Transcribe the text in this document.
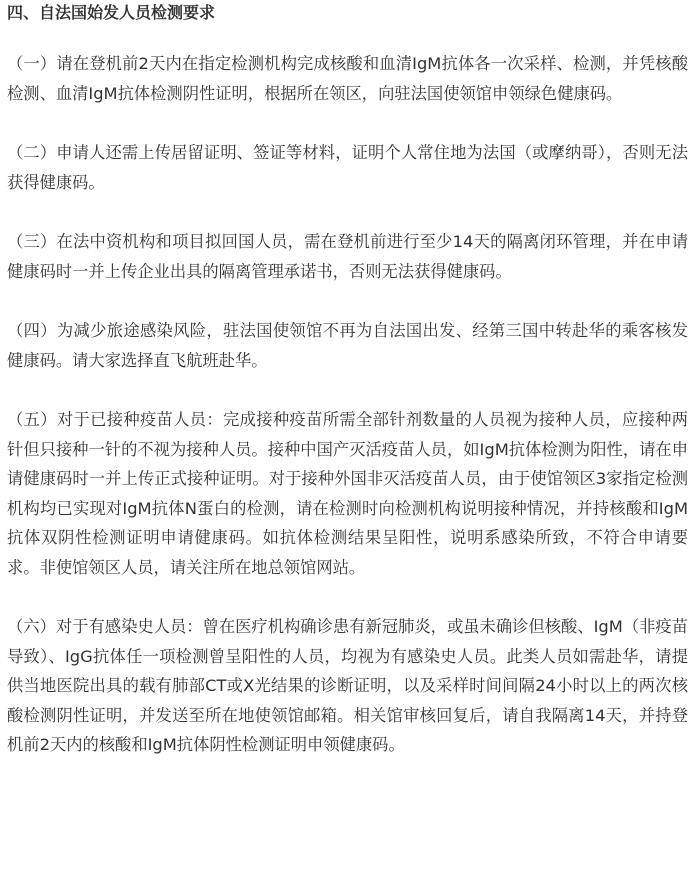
四、自法国始发人员检测要求

（一）请在登机前2天内在指定检测机构完成核酸和血清IgM抗体各一次采样、检测，并凭核酸检测、血清IgM抗体检测阴性证明，根据所在领区，向驻法国使领馆申领绿色健康码。

（二）申请人还需上传居留证明、签证等材料，证明个人常住地为法国（或摩纳哥），否则无法获得健康码。

（三）在法中资机构和项目拟回国人员，需在登机前进行至少14天的隔离闭环管理，并在申请健康码时一并上传企业出具的隔离管理承诺书，否则无法获得健康码。

（四）为减少旅途感染风险，驻法国使领馆不再为自法国出发、经第三国中转赴华的乘客核发健康码。请大家选择直飞航班赴华。

（五）对于已接种疫苗人员：完成接种疫苗所需全部针剂数量的人员视为接种人员，应接种两针但只接种一针的不视为接种人员。接种中国产灭活疫苗人员，如IgM抗体检测为阳性，请在申请健康码时一并上传正式接种证明。对于接种外国非灭活疫苗人员，由于使馆领区3家指定检测机构均已实现对IgM抗体N蛋白的检测，请在检测时向检测机构说明接种情况，并持核酸和IgM抗体双阴性检测证明申请健康码。如抗体检测结果呈阳性，说明系感染所致，不符合申请要求。非使馆领区人员，请关注所在地总领馆网站。

（六）对于有感染史人员：曾在医疗机构确诊患有新冠肺炎，或虽未确诊但核酸、IgM（非疫苗导致）、IgG抗体任一项检测曾呈阳性的人员，均视为有感染史人员。此类人员如需赴华，请提供当地医院出具的载有肺部CT或X光结果的诊断证明，以及采样时间间隔24小时以上的两次核酸检测阴性证明，并发送至所在地使领馆邮箱。相关馆审核回复后，请自我隔离14天，并持登机前2天内的核酸和IgM抗体阴性检测证明申领健康码。
